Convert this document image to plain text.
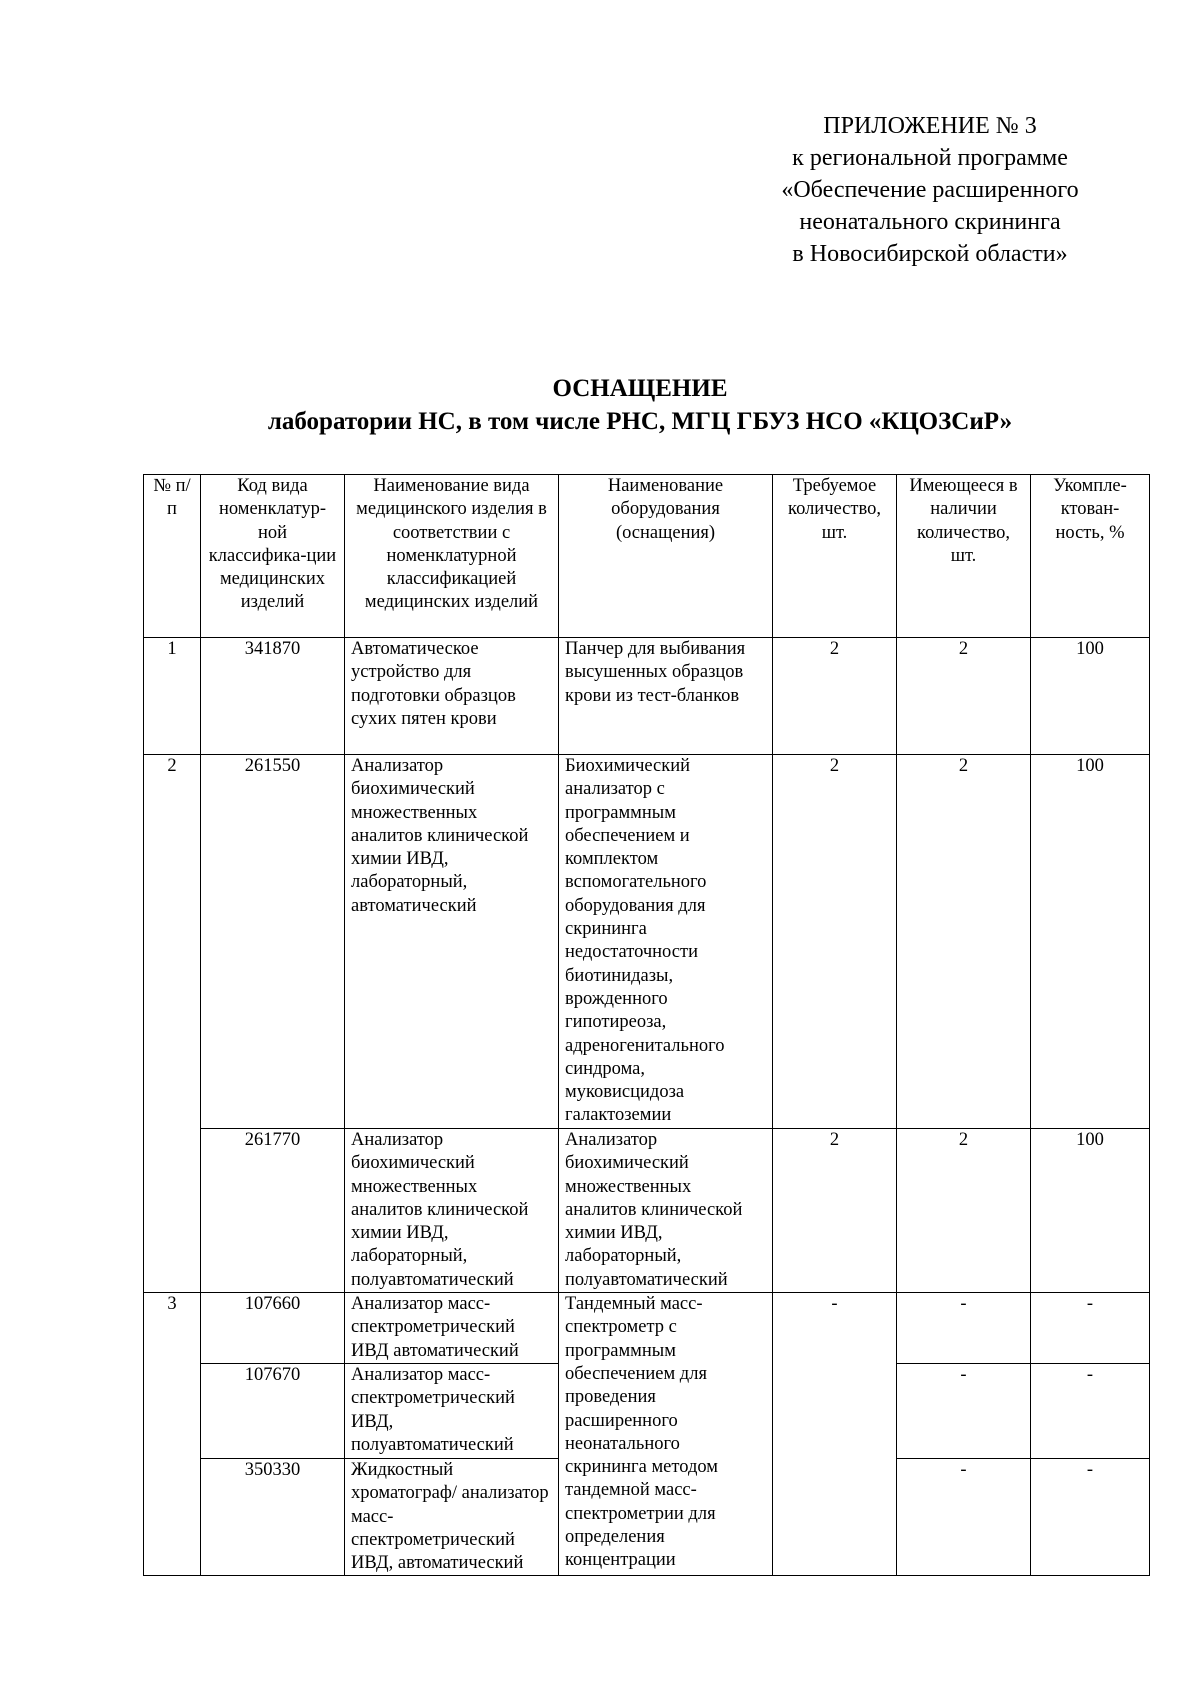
ПРИЛОЖЕНИЕ № 3
к региональной программе
«Обеспечение расширенного
неонатального скрининга
в Новосибирской области»
ОСНАЩЕНИЕ
лаборатории НС, в том числе РНС, МГЦ ГБУЗ НСО «КЦОЗСиР»
№ п/п	Код вида номенклатур-ной классифика-ции медицинских изделий	Наименование вида медицинского изделия в соответствии с номенклатурной классификацией медицинских изделий	Наименование оборудования (оснащения)	Требуемое количество, шт.	Имеющееся в наличии количество, шт.	Укомпле-ктован-ность, %
1	341870	Автоматическое устройство для подготовки образцов сухих пятен крови	Панчер для выбивания высушенных образцов крови из тест-бланков	2	2	100
2	261550	Анализатор биохимический множественных аналитов клинической химии ИВД, лабораторный, автоматический	Биохимический анализатор с программным обеспечением и комплектом вспомогательного оборудования для скрининга недостаточности биотинидазы, врожденного гипотиреоза, адреногенитального синдрома, муковисцидоза галактоземии	2	2	100
	261770	Анализатор биохимический множественных аналитов клинической химии ИВД, лабораторный, полуавтоматический	Анализатор биохимический множественных аналитов клинической химии ИВД, лабораторный, полуавтоматический	2	2	100
3	107660	Анализатор масс-спектрометрический ИВД автоматический	Тандемный масс-спектрометр с программным обеспечением для проведения расширенного неонатального скрининга методом тандемной масс-спектрометрии для определения концентрации	-	-	-
	107670	Анализатор масс-спектрометрический ИВД, полуавтоматический			-	-
	350330	Жидкостный хроматограф/ анализатор масс-спектрометрический ИВД, автоматический			-	-
